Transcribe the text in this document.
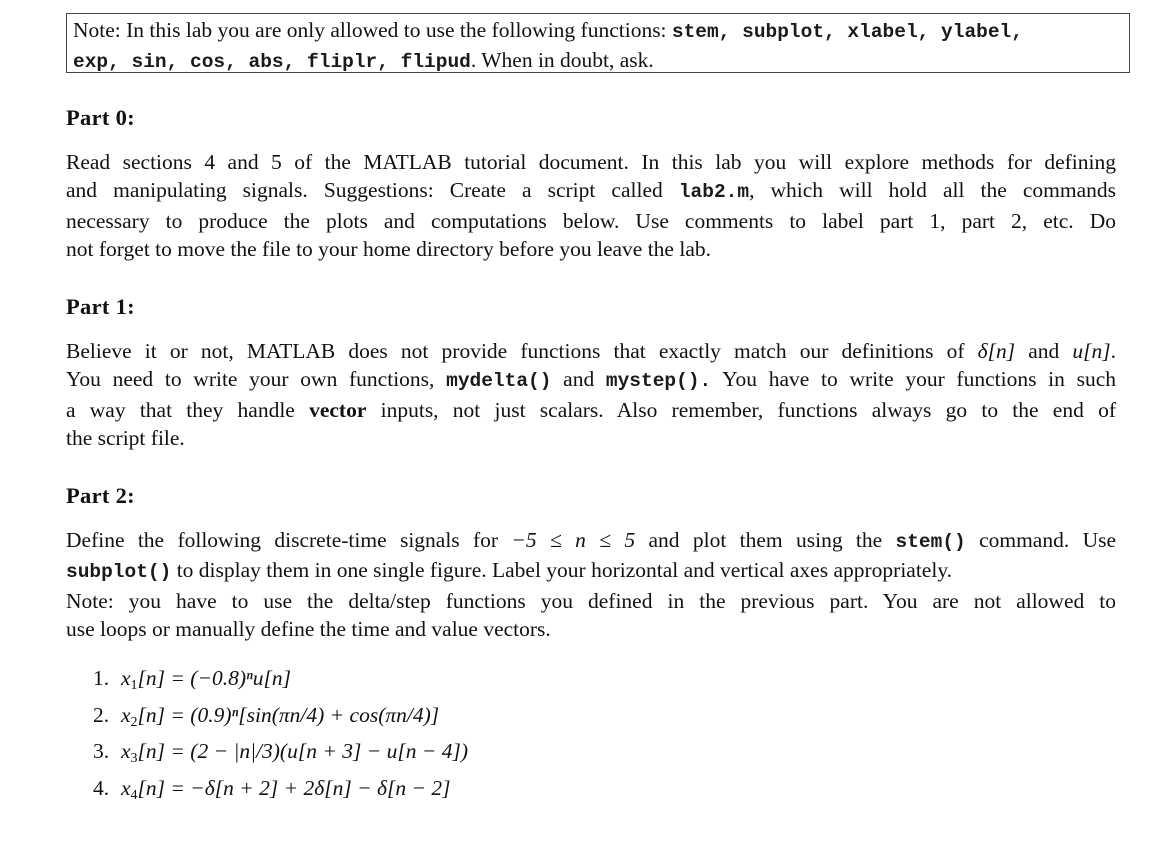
Note: In this lab you are only allowed to use the following functions: stem, subplot, xlabel, ylabel,
exp, sin, cos, abs, fliplr, flipud. When in doubt, ask.
Part 0:
Read sections 4 and 5 of the MATLAB tutorial document. In this lab you will explore methods for defining
and manipulating signals. Suggestions: Create a script called lab2.m, which will hold all the commands
necessary to produce the plots and computations below. Use comments to label part 1, part 2, etc. Do
not forget to move the file to your home directory before you leave the lab.
Part 1:
Believe it or not, MATLAB does not provide functions that exactly match our definitions of δ[n] and u[n].
You need to write your own functions, mydelta() and mystep(). You have to write your functions in such
a way that they handle vector inputs, not just scalars. Also remember, functions always go to the end of
the script file.
Part 2:
Define the following discrete-time signals for −5 ≤ n ≤ 5 and plot them using the stem() command. Use
subplot() to display them in one single figure. Label your horizontal and vertical axes appropriately.
Note: you have to use the delta/step functions you defined in the previous part. You are not allowed to
use loops or manually define the time and value vectors.
1. $x_1[n] = (-0.8)^nu[n]$
2. $x_2[n] = (0.9)^n[\sin(\pi n/4) + \cos(\pi n/4)]$
3. $x_3[n] = (2 - |n|/3)(u[n + 3] - u[n - 4])$
4. $x_4[n] = -\delta[n + 2] + 2\delta[n] - \delta[n - 2]$
